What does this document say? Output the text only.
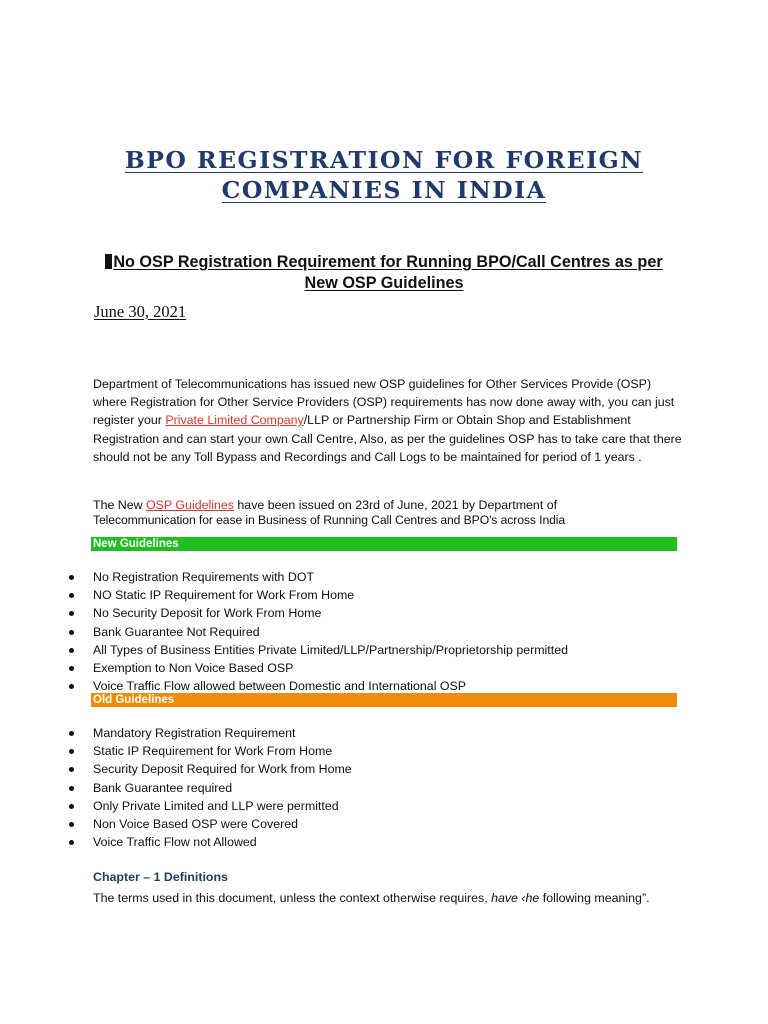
BPO REGISTRATION FOR FOREIGN
COMPANIES IN INDIA
No OSP Registration Requirement for Running BPO/Call Centres as per New OSP Guidelines
June 30, 2021
Department of Telecommunications has issued new OSP guidelines for Other Services Provide (OSP) where Registration for Other Service Providers (OSP) requirements has now done away with, you can just register your Private Limited Company/LLP or Partnership Firm or Obtain Shop and Establishment Registration and can start your own Call Centre, Also, as per the guidelines OSP has to take care that there should not be any Toll Bypass and Recordings and Call Logs to be maintained for period of 1 years .
The New OSP Guidelines have been issued on 23rd of June, 2021 by Department of
Telecommunication for ease in Business of Running Call Centres and BPO's across India
New Guidelines
No Registration Requirements with DOT
NO Static IP Requirement for Work From Home
No Security Deposit for Work From Home
Bank Guarantee Not Required
All Types of Business Entities Private Limited/LLP/Partnership/Proprietorship permitted
Exemption to Non Voice Based OSP
Voice Traffic Flow allowed between Domestic and International OSP
Old Guidelines
Mandatory Registration Requirement
Static IP Requirement for Work From Home
Security Deposit Required for Work from Home
Bank Guarantee required
Only Private Limited and LLP were permitted
Non Voice Based OSP were Covered
Voice Traffic Flow not Allowed
Chapter – 1 Definitions
The terms used in this document, unless the context otherwise requires, have ‹he following meaning”.
